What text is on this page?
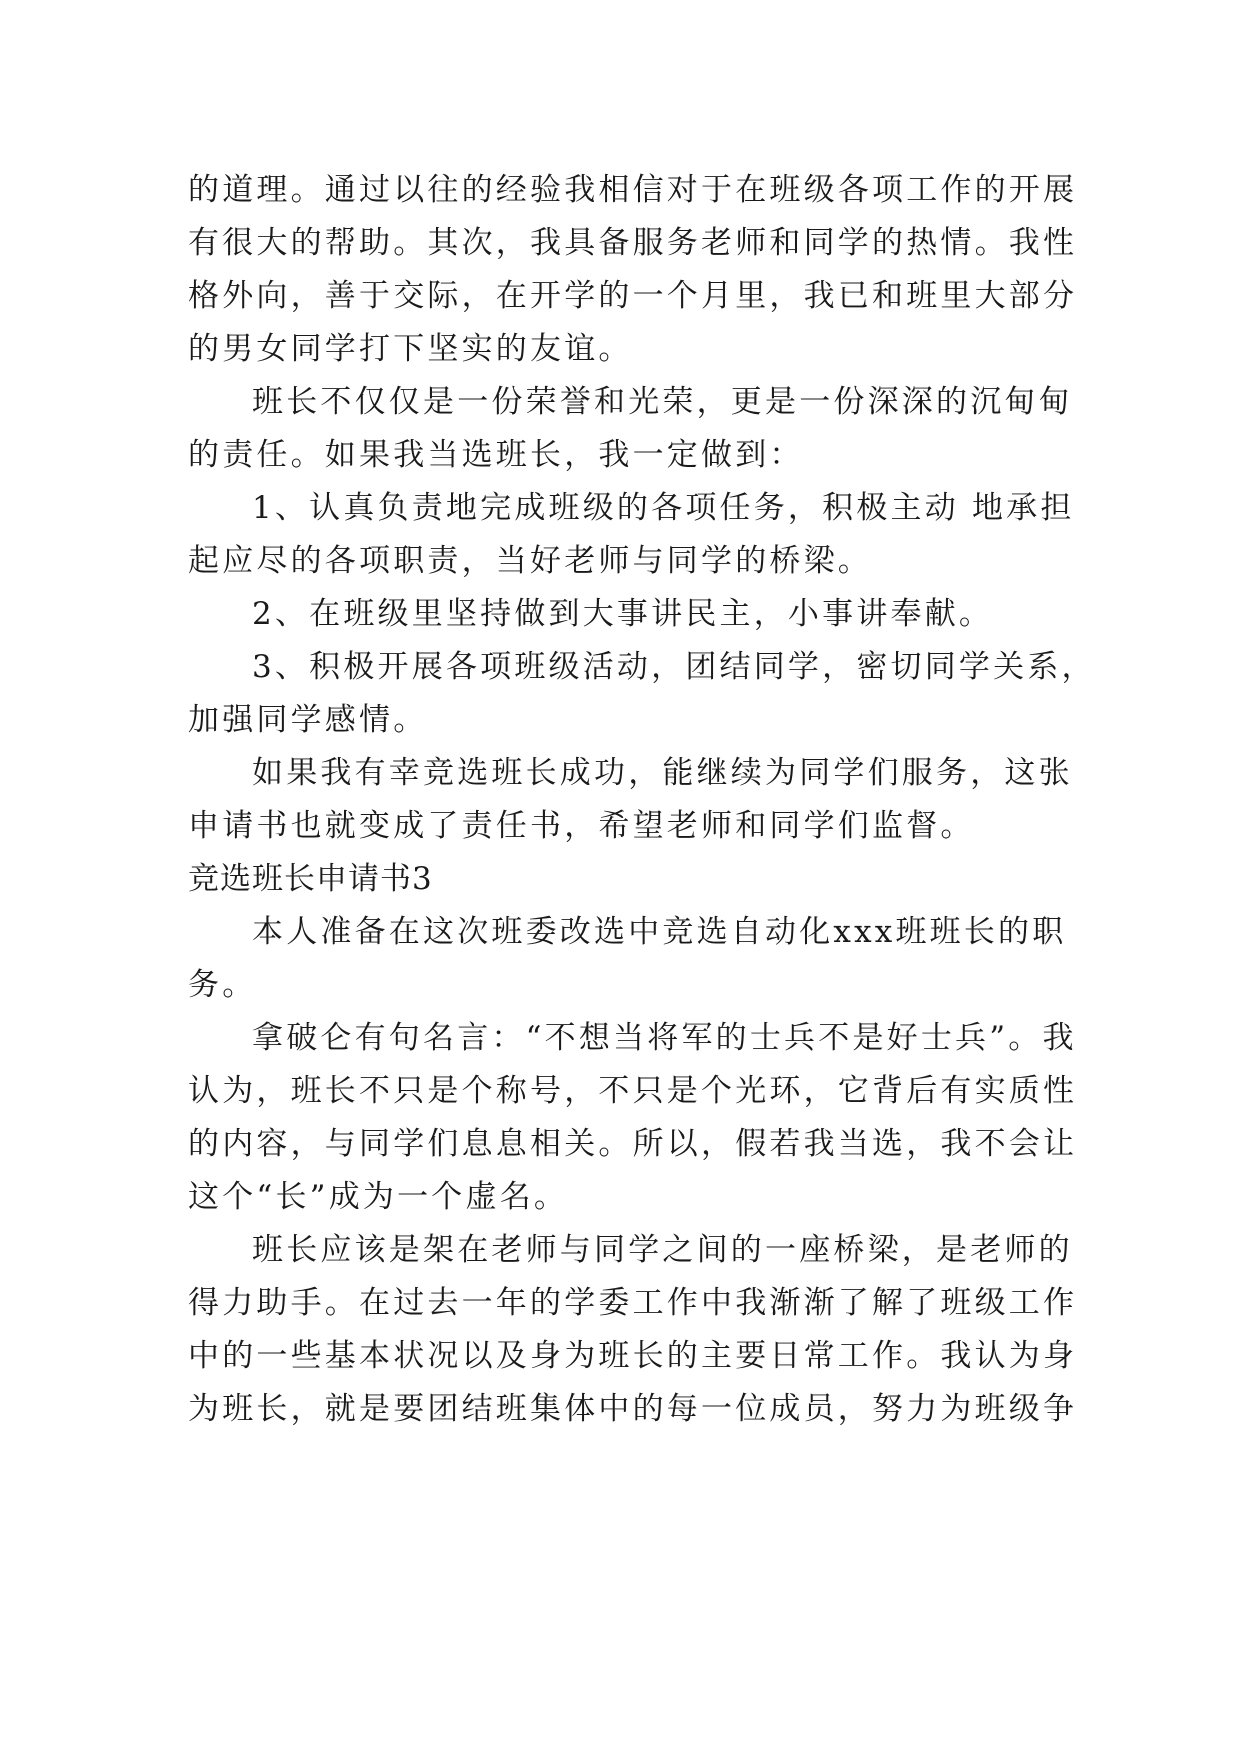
的道理。通过以往的经验我相信对于在班级各项工作的开展
有很大的帮助。其次，我具备服务老师和同学的热情。我性
格外向，善于交际，在开学的一个月里，我已和班里大部分
的男女同学打下坚实的友谊。
班长不仅仅是一份荣誉和光荣，更是一份深深的沉甸甸
的责任。如果我当选班长，我一定做到：
1、认真负责地完成班级的各项任务，积极主动 地承担
起应尽的各项职责，当好老师与同学的桥梁。
2、在班级里坚持做到大事讲民主，小事讲奉献。
3、积极开展各项班级活动，团结同学，密切同学关系，
加强同学感情。
如果我有幸竞选班长成功，能继续为同学们服务，这张
申请书也就变成了责任书，希望老师和同学们监督。
竞选班长申请书3
本人准备在这次班委改选中竞选自动化xxx班班长的职
务。
拿破仑有句名言：“不想当将军的士兵不是好士兵”。我
认为，班长不只是个称号，不只是个光环，它背后有实质性
的内容，与同学们息息相关。所以，假若我当选，我不会让
这个“长”成为一个虚名。
班长应该是架在老师与同学之间的一座桥梁，是老师的
得力助手。在过去一年的学委工作中我渐渐了解了班级工作
中的一些基本状况以及身为班长的主要日常工作。我认为身
为班长，就是要团结班集体中的每一位成员，努力为班级争
